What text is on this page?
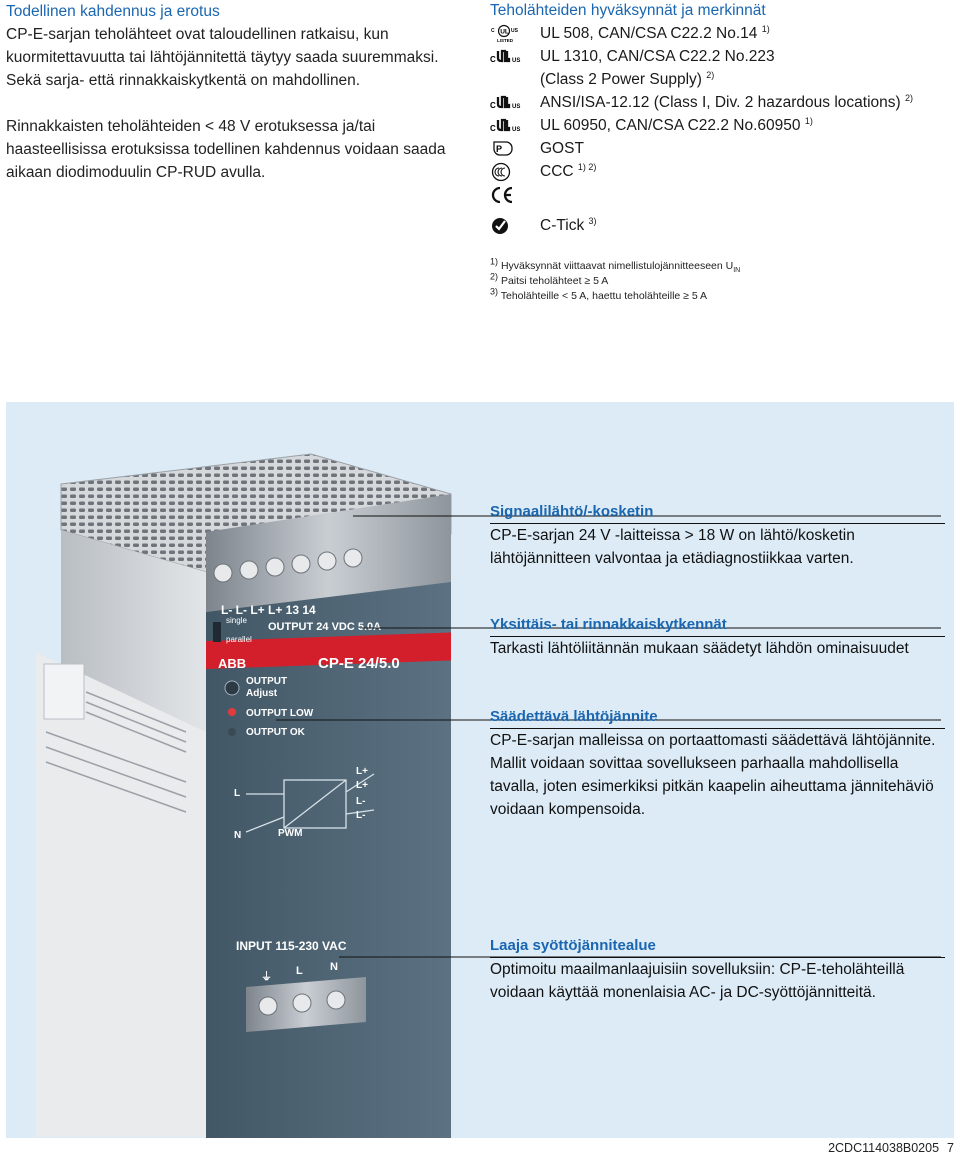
Todellinen kahdennus ja erotus

CP-E-sarjan teholähteet ovat taloudellinen ratkaisu, kun kuormitettavuutta tai lähtöjännitettä täytyy saada suuremmaksi. Sekä sarja- että rinnakkaiskytkentä on mahdollinen.

Rinnakkaisten teholähteiden < 48 V erotuksessa ja/tai haasteellisissa erotuksissa todellinen kahdennus voidaan saada aikaan diodimoduulin CP-RUD avulla.

Teholähteiden hyväksynnät ja merkinnät
C UL US
LISTED UL 508, CAN/CSA C22.2 No.14 $^{1)}$
C	US UL 1310, CAN/CSA C22.2 No.223
(Class 2 Power Supply) $^{2)}$
C	US ANSI/ISA-12.12 (Class I, Div. 2 hazardous locations) $^{2)}$
C	US UL 60950, CAN/CSA C22.2 No.60950 $^{1)}$
P GOST
CCC $^{1) 2)}$
C-Tick $^{3)}$
$^{1)}$ Hyväksynnät viittaavat nimellistulojännitteeseen $U_{IN}$
$^{2)}$ Paitsi teholähteet ≥ 5 A
$^{3)}$ Teholähteille < 5 A, haettu teholähteille ≥ 5 A
L- L- L+ L+ 13 14
single
parallel
OUTPUT 24 VDC 5.0A
ABB	CP-E 24/5.0
OUTPUT
Adjust
OUTPUT LOW
OUTPUT OK
L
N	PWM
L+
L+
L-
L-
INPUT 115-230 VAC
⏚ L N
Signaalilähtö/-kosketin

CP-E-sarjan 24 V -laitteissa > 18 W on lähtö/kosketin lähtöjännitteen valvontaa ja etädiagnostiikkaa varten.

Yksittäis- tai rinnakkaiskytkennät

Tarkasti lähtöliitännän mukaan säädetyt lähdön ominaisuudet

Säädettävä lähtöjännite

CP-E-sarjan malleissa on portaattomasti säädettävä lähtöjännite. Mallit voidaan sovittaa sovellukseen parhaalla mahdollisella tavalla, joten esimerkiksi pitkän kaapelin aiheuttama jännitehäviö voidaan kompensoida.

Laaja syöttöjännitealue

Optimoitu maailmanlaajuisiin sovelluksiin: CP-E-teholähteillä voidaan käyttää monenlaisia AC- ja DC-syöttöjännitteitä.

2CDC114038B0205 7
